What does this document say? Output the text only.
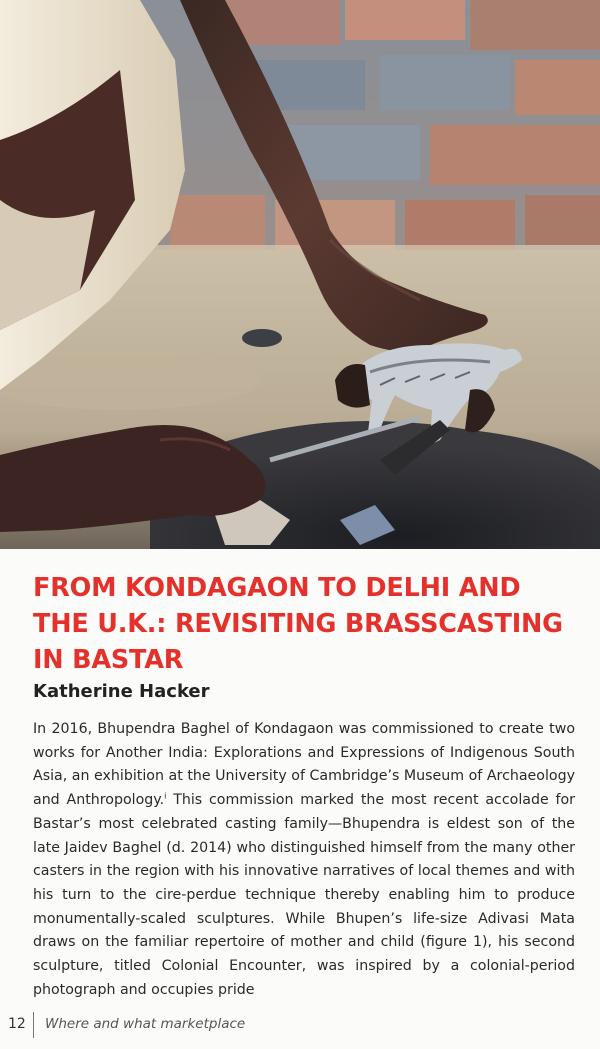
FROM KONDAGAON TO DELHI AND THE U.K.: REVISITING BRASSCASTING IN BASTAR

Katherine Hacker

In 2016, Bhupendra Baghel of Kondagaon was commissioned to create two works for Another India: Explorations and Expressions of Indigenous South Asia, an exhibition at the University of Cambridge’s Museum of Archaeology and Anthropology.$^i$ This commission marked the most recent accolade for Bastar’s most celebrated casting family—Bhupendra is eldest son of the late Jaidev Baghel (d. 2014) who distinguished himself from the many other casters in the region with his innovative narratives of local themes and with his turn to the cire-perdue technique thereby enabling him to produce monumentally-scaled sculptures. While Bhupen’s life-size Adivasi Mata draws on the familiar repertoire of mother and child (figure 1), his second sculpture, titled Colonial Encounter, was inspired by a colonial-period photograph and occupies pride

12 Where and what marketplace
